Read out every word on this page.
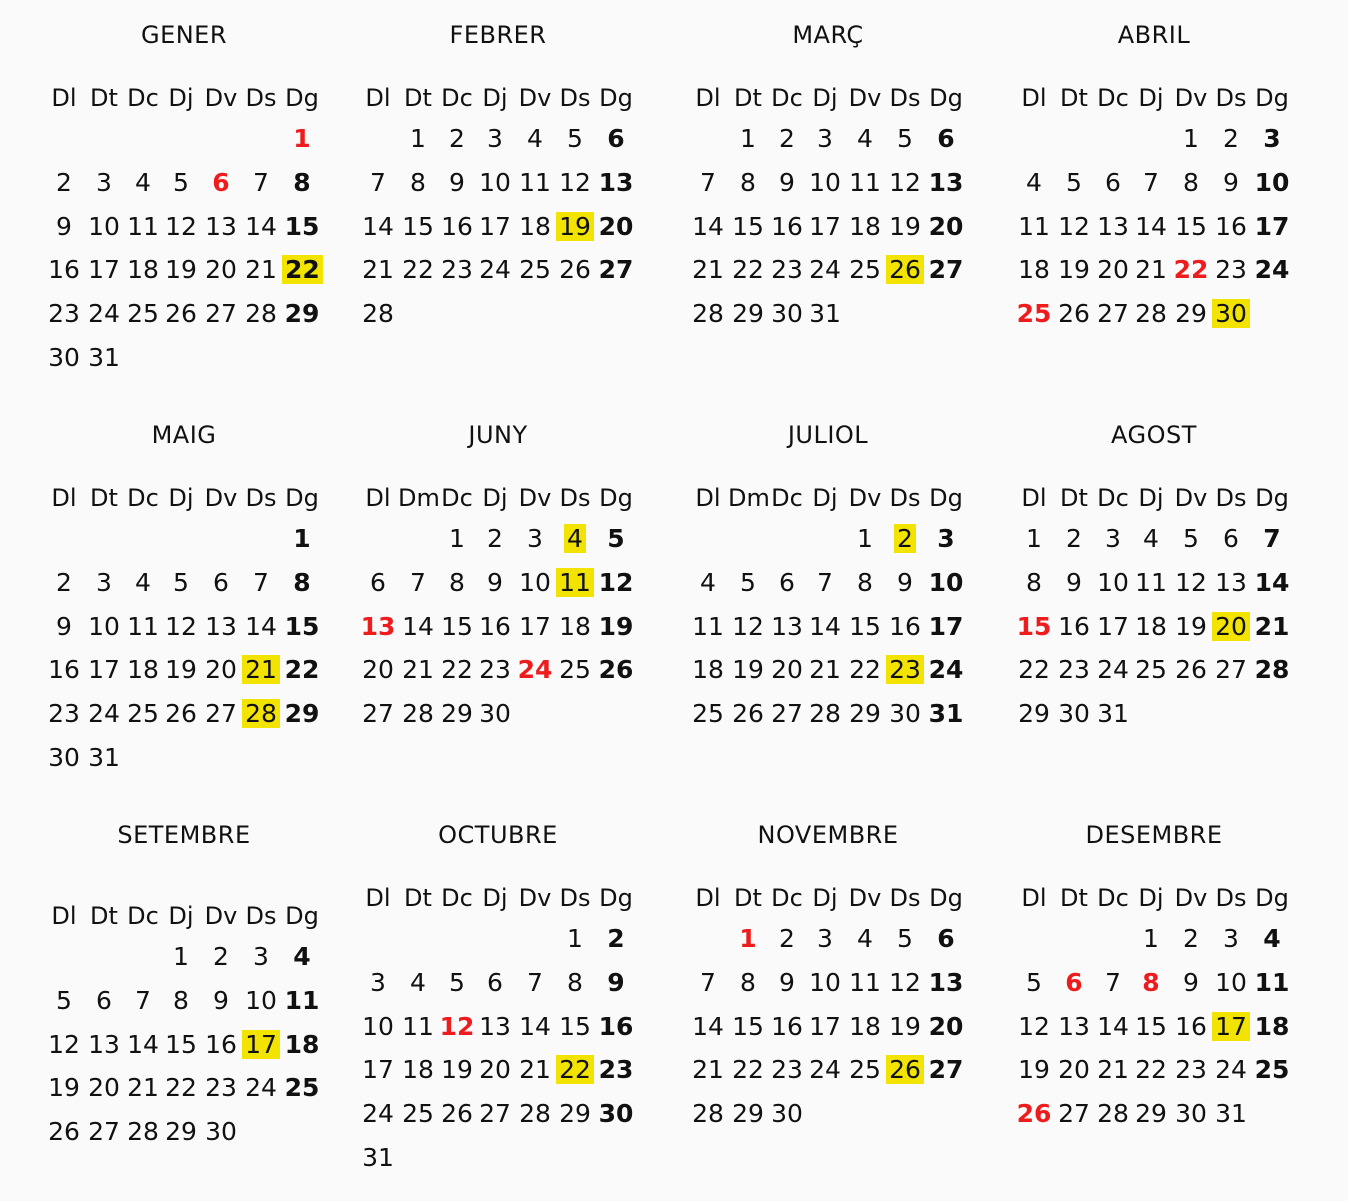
GENER
Dl Dt Dc Dj Dv Ds Dg
1
2 3 4 5 6 7 8
9 10 11 12 13 14 15
16 17 18 19 20 21 22
23 24 25 26 27 28 29
30 31
FEBRER
Dl Dt Dc Dj Dv Ds Dg
1 2 3 4 5 6
7 8 9 10 11 12 13
14 15 16 17 18 19 20
21 22 23 24 25 26 27
28
MARÇ
Dl Dt Dc Dj Dv Ds Dg
1 2 3 4 5 6
7 8 9 10 11 12 13
14 15 16 17 18 19 20
21 22 23 24 25 26 27
28 29 30 31
ABRIL
Dl Dt Dc Dj Dv Ds Dg
1 2 3
4 5 6 7 8 9 10
11 12 13 14 15 16 17
18 19 20 21 22 23 24
25 26 27 28 29 30
MAIG
Dl Dt Dc Dj Dv Ds Dg
1
2 3 4 5 6 7 8
9 10 11 12 13 14 15
16 17 18 19 20 21 22
23 24 25 26 27 28 29
30 31
JUNY
Dl Dm Dc Dj Dv Ds Dg
1 2 3 4 5
6 7 8 9 10 11 12
13 14 15 16 17 18 19
20 21 22 23 24 25 26
27 28 29 30
JULIOL
Dl Dm Dc Dj Dv Ds Dg
1 2 3
4 5 6 7 8 9 10
11 12 13 14 15 16 17
18 19 20 21 22 23 24
25 26 27 28 29 30 31
AGOST
Dl Dt Dc Dj Dv Ds Dg
1 2 3 4 5 6 7
8 9 10 11 12 13 14
15 16 17 18 19 20 21
22 23 24 25 26 27 28
29 30 31
SETEMBRE
Dl Dt Dc Dj Dv Ds Dg
1 2 3 4
5 6 7 8 9 10 11
12 13 14 15 16 17 18
19 20 21 22 23 24 25
26 27 28 29 30
OCTUBRE
Dl Dt Dc Dj Dv Ds Dg
1 2
3 4 5 6 7 8 9
10 11 12 13 14 15 16
17 18 19 20 21 22 23
24 25 26 27 28 29 30
31
NOVEMBRE
Dl Dt Dc Dj Dv Ds Dg
1 2 3 4 5 6
7 8 9 10 11 12 13
14 15 16 17 18 19 20
21 22 23 24 25 26 27
28 29 30
DESEMBRE
Dl Dt Dc Dj Dv Ds Dg
1 2 3 4
5 6 7 8 9 10 11
12 13 14 15 16 17 18
19 20 21 22 23 24 25
26 27 28 29 30 31
